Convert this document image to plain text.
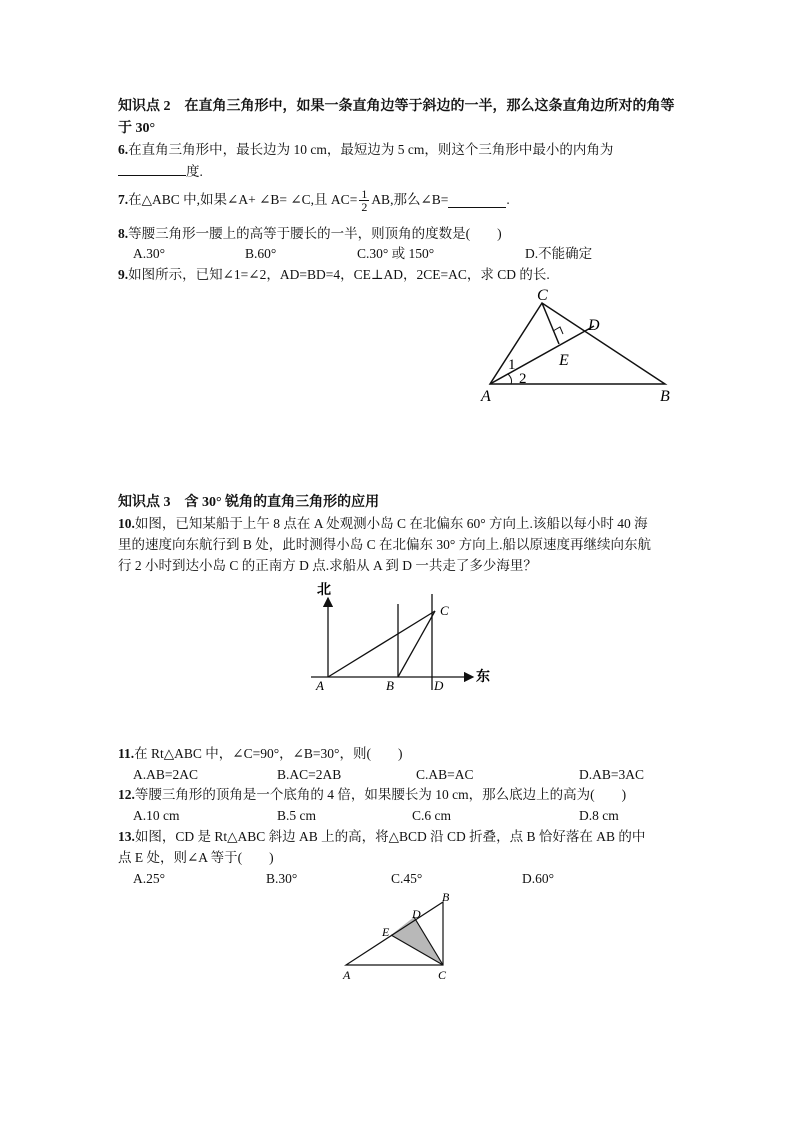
知识点 2　在直角三角形中，如果一条直角边等于斜边的一半，那么这条直角边所对的角等
于 30°
6.在直角三角形中，最长边为 10 cm，最短边为 5 cm，则这个三角形中最小的内角为
度.
7. 在△ABC 中,如果∠A+ ∠B= ∠C,且 $AC= \frac{1}{2}$ AB,那么∠B=	.
8.等腰三角形一腰上的高等于腰长的一半，则顶角的度数是(　　)
A.30°	B.60°	C.30° 或 150°	D.不能确定
9.如图所示，已知∠1=∠2，AD=BD=4，CE⊥AD，2CE=AC，求 CD 的长.
C
D
E
A	B
1
2
知识点 3　含 30° 锐角的直角三角形的应用
10.如图，已知某船于上午 8 点在 A 处观测小岛 C 在北偏东 60° 方向上.该船以每小时 40 海
里的速度向东航行到 B 处，此时测得小岛 C 在北偏东 30° 方向上.船以原速度再继续向东航
行 2 小时到达小岛 C 的正南方 D 点.求船从 A 到 D 一共走了多少海里？
北
东
A	B	D
C
11.在 Rt△ABC 中，∠C=90°，∠B=30°，则(　　)
A.AB=2AC	B.AC=2AB	C.AB=AC	D.AB=3AC
12.等腰三角形的顶角是一个底角的 4 倍，如果腰长为 10 cm，那么底边上的高为(　　)
A.10 cm	B.5 cm	C.6 cm	D.8 cm
13.如图，CD 是 Rt△ABC 斜边 AB 上的高，将△BCD 沿 CD 折叠，点 B 恰好落在 AB 的中
点 E 处，则∠A 等于(　　)
A.25°	B.30°	C.45°	D.60°
B
D
E
A	C
